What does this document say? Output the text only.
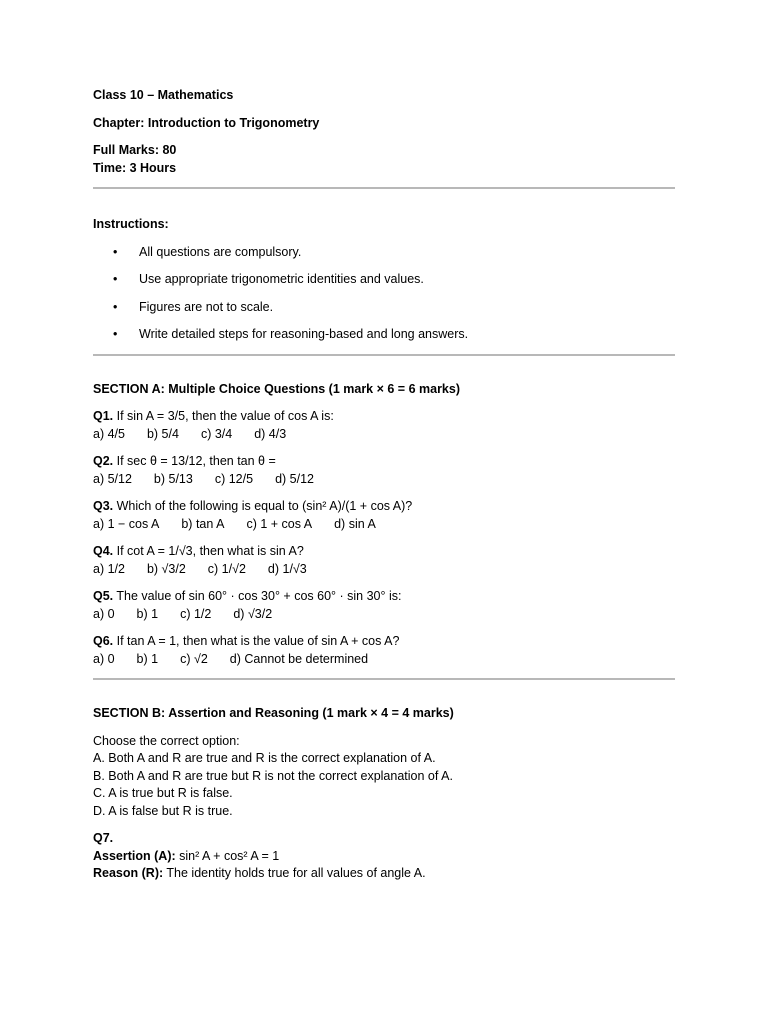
Class 10 – Mathematics
Chapter: Introduction to Trigonometry
Full Marks: 80
Time: 3 Hours
Instructions:
• All questions are compulsory.
• Use appropriate trigonometric identities and values.
• Figures are not to scale.
• Write detailed steps for reasoning-based and long answers.
SECTION A: Multiple Choice Questions (1 mark × 6 = 6 marks)
Q1. If sin A = 3/5, then the value of cos A is:
a) 4/5 b) 5/4 c) 3/4 d) 4/3
Q2. If sec θ = 13/12, then tan θ =
a) 5/12 b) 5/13 c) 12/5 d) 5/12
Q3. Which of the following is equal to (sin² A)/(1 + cos A)?
a) 1 − cos A b) tan A c) 1 + cos A d) sin A
Q4. If cot A = 1/√3, then what is sin A?
a) 1/2 b) √3/2 c) 1/√2 d) 1/√3
Q5. The value of sin 60° · cos 30° + cos 60° · sin 30° is:
a) 0 b) 1 c) 1/2 d) √3/2
Q6. If tan A = 1, then what is the value of sin A + cos A?
a) 0 b) 1 c) √2 d) Cannot be determined
SECTION B: Assertion and Reasoning (1 mark × 4 = 4 marks)
Choose the correct option:
A. Both A and R are true and R is the correct explanation of A.
B. Both A and R are true but R is not the correct explanation of A.
C. A is true but R is false.
D. A is false but R is true.
Q7.
Assertion (A): sin² A + cos² A = 1
Reason (R): The identity holds true for all values of angle A.
